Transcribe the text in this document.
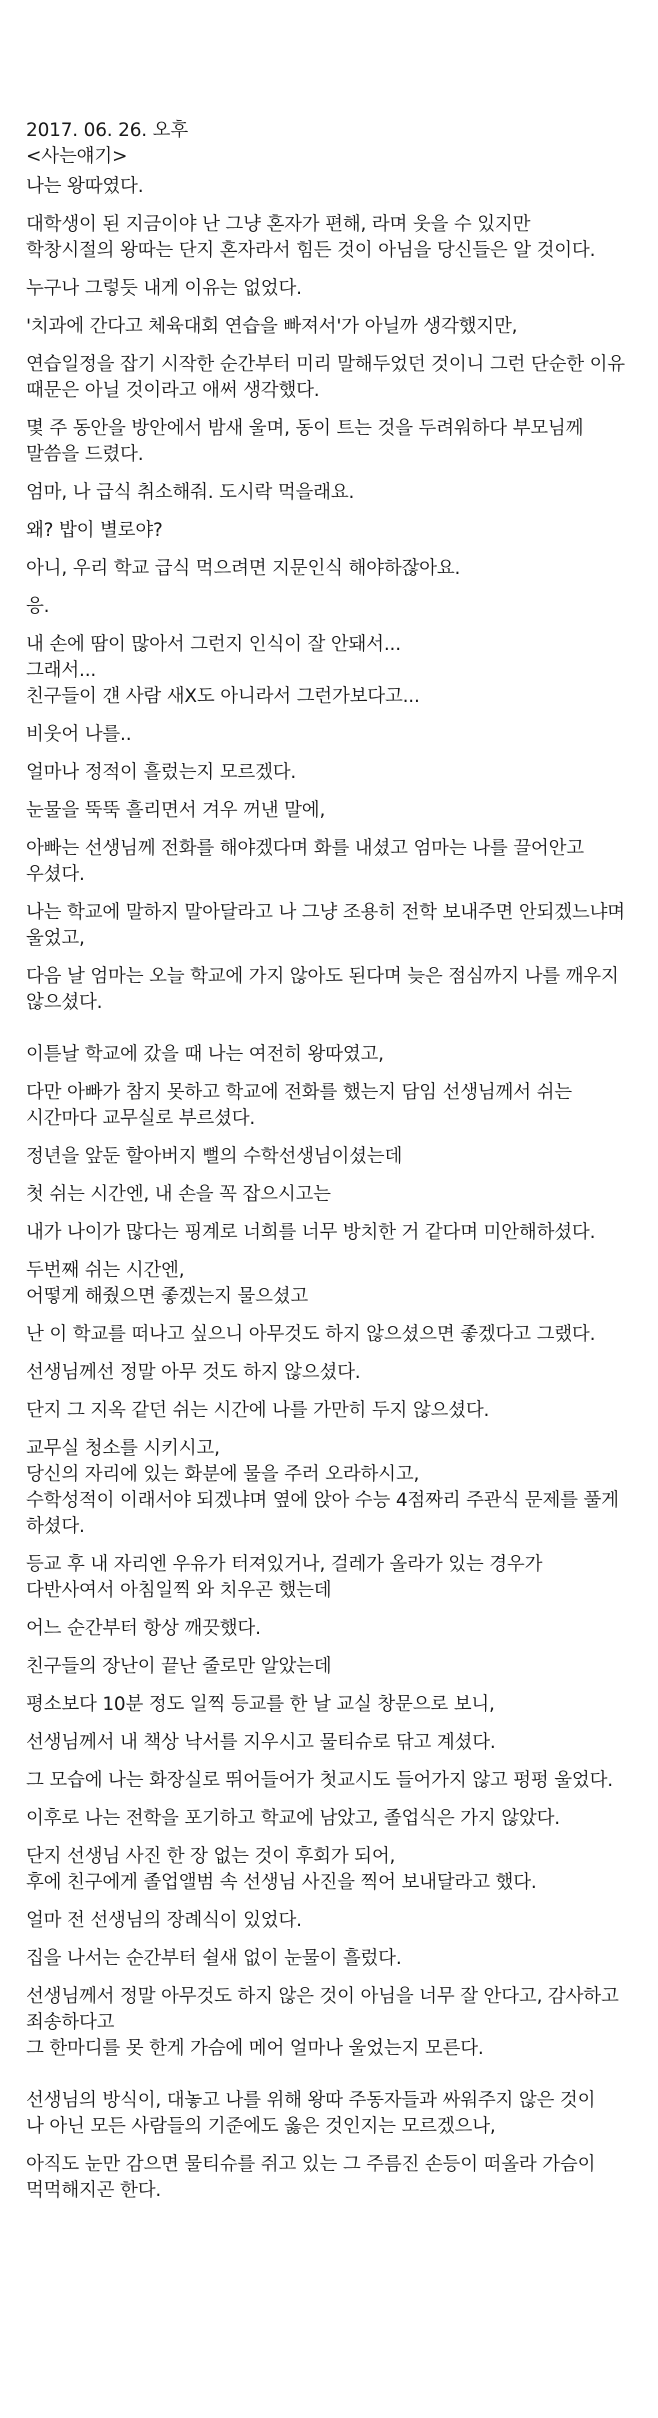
2017. 06. 26. 오후
<사는얘기>
나는 왕따였다.
대학생이 된 지금이야 난 그냥 혼자가 편해, 라며 웃을 수 있지만
학창시절의 왕따는 단지 혼자라서 힘든 것이 아님을 당신들은 알 것이다.
누구나 그렇듯 내게 이유는 없었다.
'치과에 간다고 체육대회 연습을 빠져서'가 아닐까 생각했지만,
연습일정을 잡기 시작한 순간부터 미리 말해두었던 것이니 그런 단순한 이유 때문은 아닐 것이라고 애써 생각했다.
몇 주 동안을 방안에서 밤새 울며, 동이 트는 것을 두려워하다 부모님께 말씀을 드렸다.
엄마, 나 급식 취소해줘. 도시락 먹을래요.
왜? 밥이 별로야?
아니, 우리 학교 급식 먹으려면 지문인식 해야하잖아요.
응.
내 손에 땀이 많아서 그런지 인식이 잘 안돼서...
그래서...
친구들이 걘 사람 새X도 아니라서 그런가보다고...
비웃어 나를..
얼마나 정적이 흘렀는지 모르겠다.
눈물을 뚝뚝 흘리면서 겨우 꺼낸 말에,
아빠는 선생님께 전화를 해야겠다며 화를 내셨고 엄마는 나를 끌어안고 우셨다.
나는 학교에 말하지 말아달라고 나 그냥 조용히 전학 보내주면 안되겠느냐며 울었고,
다음 날 엄마는 오늘 학교에 가지 않아도 된다며 늦은 점심까지 나를 깨우지 않으셨다.
이튿날 학교에 갔을 때 나는 여전히 왕따였고,
다만 아빠가 참지 못하고 학교에 전화를 했는지 담임 선생님께서 쉬는 시간마다 교무실로 부르셨다.
정년을 앞둔 할아버지 뻘의 수학선생님이셨는데
첫 쉬는 시간엔, 내 손을 꼭 잡으시고는
내가 나이가 많다는 핑계로 너희를 너무 방치한 거 같다며 미안해하셨다.
두번째 쉬는 시간엔,
어떻게 해줬으면 좋겠는지 물으셨고
난 이 학교를 떠나고 싶으니 아무것도 하지 않으셨으면 좋겠다고 그랬다.
선생님께선 정말 아무 것도 하지 않으셨다.
단지 그 지옥 같던 쉬는 시간에 나를 가만히 두지 않으셨다.
교무실 청소를 시키시고,
당신의 자리에 있는 화분에 물을 주러 오라하시고,
수학성적이 이래서야 되겠냐며 옆에 앉아 수능 4점짜리 주관식 문제를 풀게 하셨다.
등교 후 내 자리엔 우유가 터져있거나, 걸레가 올라가 있는 경우가 다반사여서 아침일찍 와 치우곤 했는데
어느 순간부터 항상 깨끗했다.
친구들의 장난이 끝난 줄로만 알았는데
평소보다 10분 정도 일찍 등교를 한 날 교실 창문으로 보니,
선생님께서 내 책상 낙서를 지우시고 물티슈로 닦고 계셨다.
그 모습에 나는 화장실로 뛰어들어가 첫교시도 들어가지 않고 펑펑 울었다.
이후로 나는 전학을 포기하고 학교에 남았고, 졸업식은 가지 않았다.
단지 선생님 사진 한 장 없는 것이 후회가 되어,
후에 친구에게 졸업앨범 속 선생님 사진을 찍어 보내달라고 했다.
얼마 전 선생님의 장례식이 있었다.
집을 나서는 순간부터 쉴새 없이 눈물이 흘렀다.
선생님께서 정말 아무것도 하지 않은 것이 아님을 너무 잘 안다고, 감사하고 죄송하다고
그 한마디를 못 한게 가슴에 메어 얼마나 울었는지 모른다.
선생님의 방식이, 대놓고 나를 위해 왕따 주동자들과 싸워주지 않은 것이
나 아닌 모든 사람들의 기준에도 옳은 것인지는 모르겠으나,
아직도 눈만 감으면 물티슈를 쥐고 있는 그 주름진 손등이 떠올라 가슴이 먹먹해지곤 한다.
